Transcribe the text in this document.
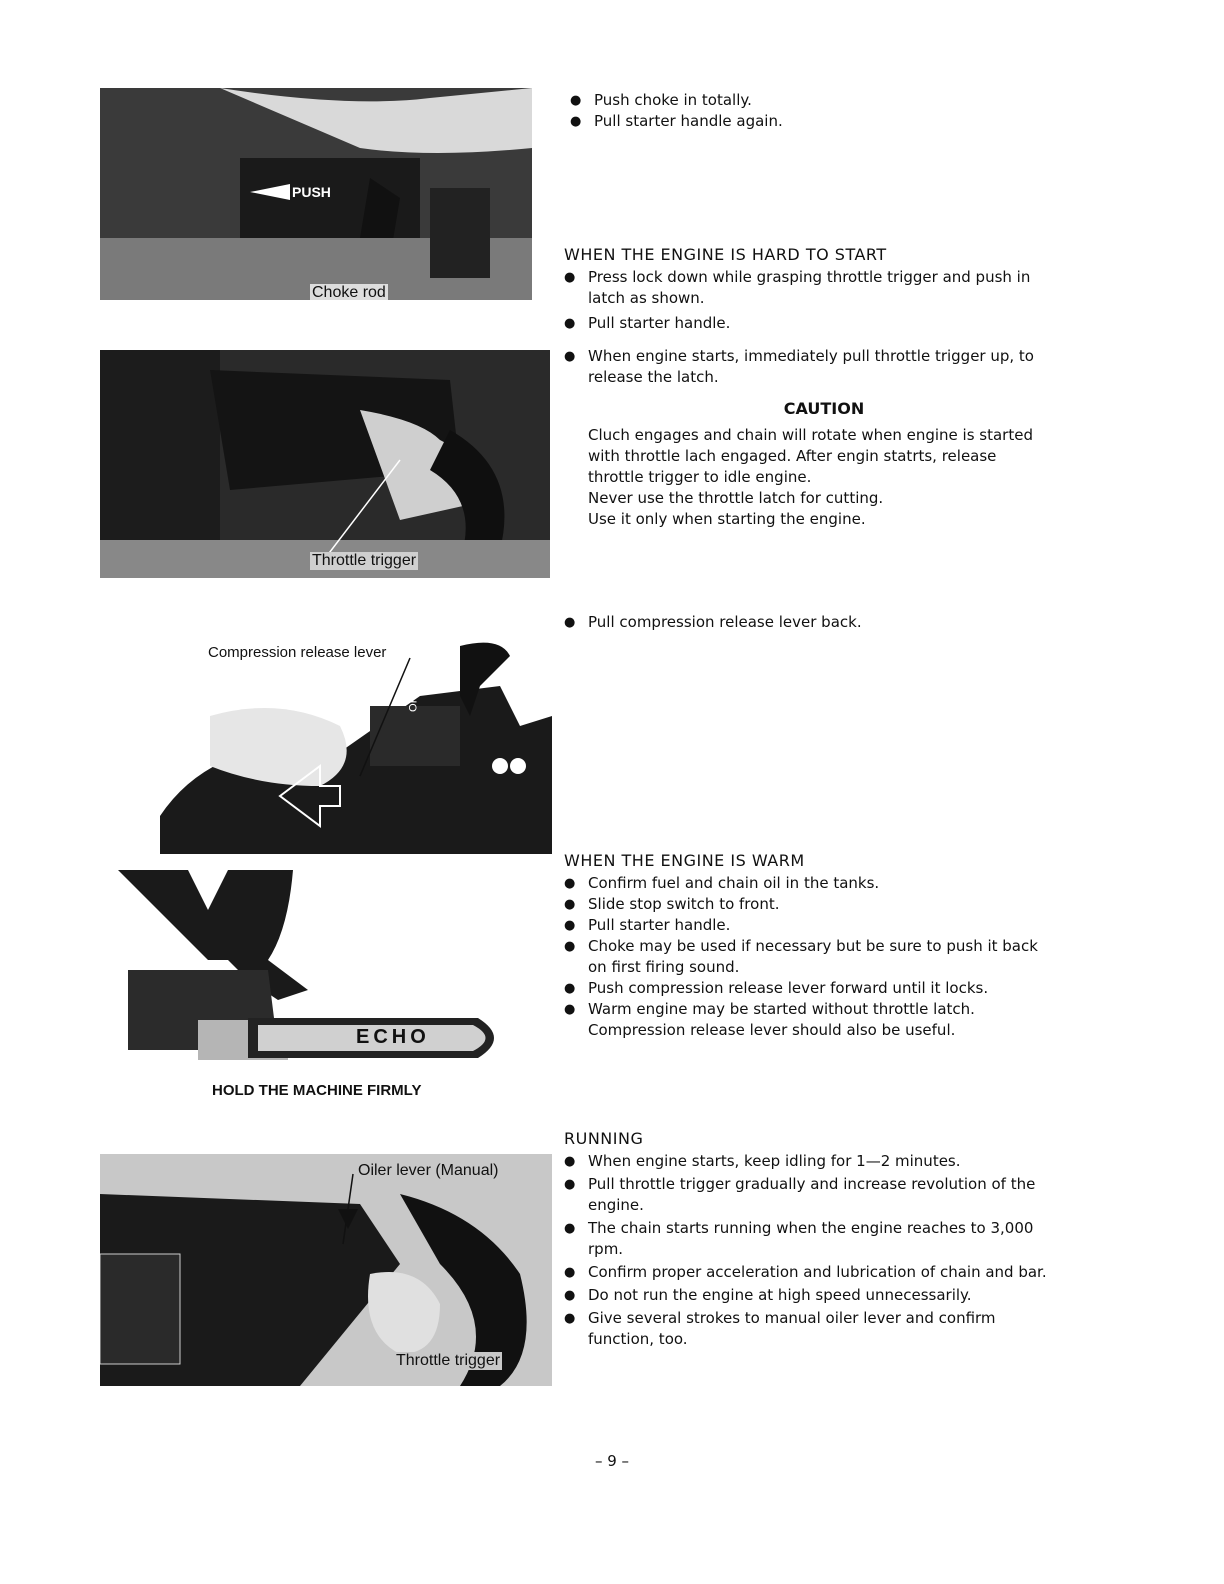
PUSH
Choke rod
Throttle trigger
Compression release lever
ECHO
ECHO
HOLD THE MACHINE FIRMLY
Oiler lever (Manual)
Throttle trigger
● Push choke in totally.
● Pull starter handle again.
WHEN THE ENGINE IS HARD TO START
● Press lock down while grasping throttle trigger and push in latch as shown.
● Pull starter handle.
● When engine starts, immediately pull throttle trigger up, to release the latch.
CAUTION

Cluch engages and chain will rotate when engine is started

with throttle lach engaged. After engin statrts, release

throttle trigger to idle engine.

Never use the throttle latch for cutting.

Use it only when starting the engine.

● Pull compression release lever back.
WHEN THE ENGINE IS WARM
● Confirm fuel and chain oil in the tanks.
● Slide stop switch to front.
● Pull starter handle.
● Choke may be used if necessary but be sure to push it back on first firing sound.
● Push compression release lever forward until it locks.
● Warm engine may be started without throttle latch. Compression release lever should also be useful.
RUNNING
● When engine starts, keep idling for 1—2 minutes.
● Pull throttle trigger gradually and increase revolution of the engine.
● The chain starts running when the engine reaches to 3,000 rpm.
● Confirm proper acceleration and lubrication of chain and bar.
● Do not run the engine at high speed unnecessarily.
● Give several strokes to manual oiler lever and confirm function, too.
– 9 –
